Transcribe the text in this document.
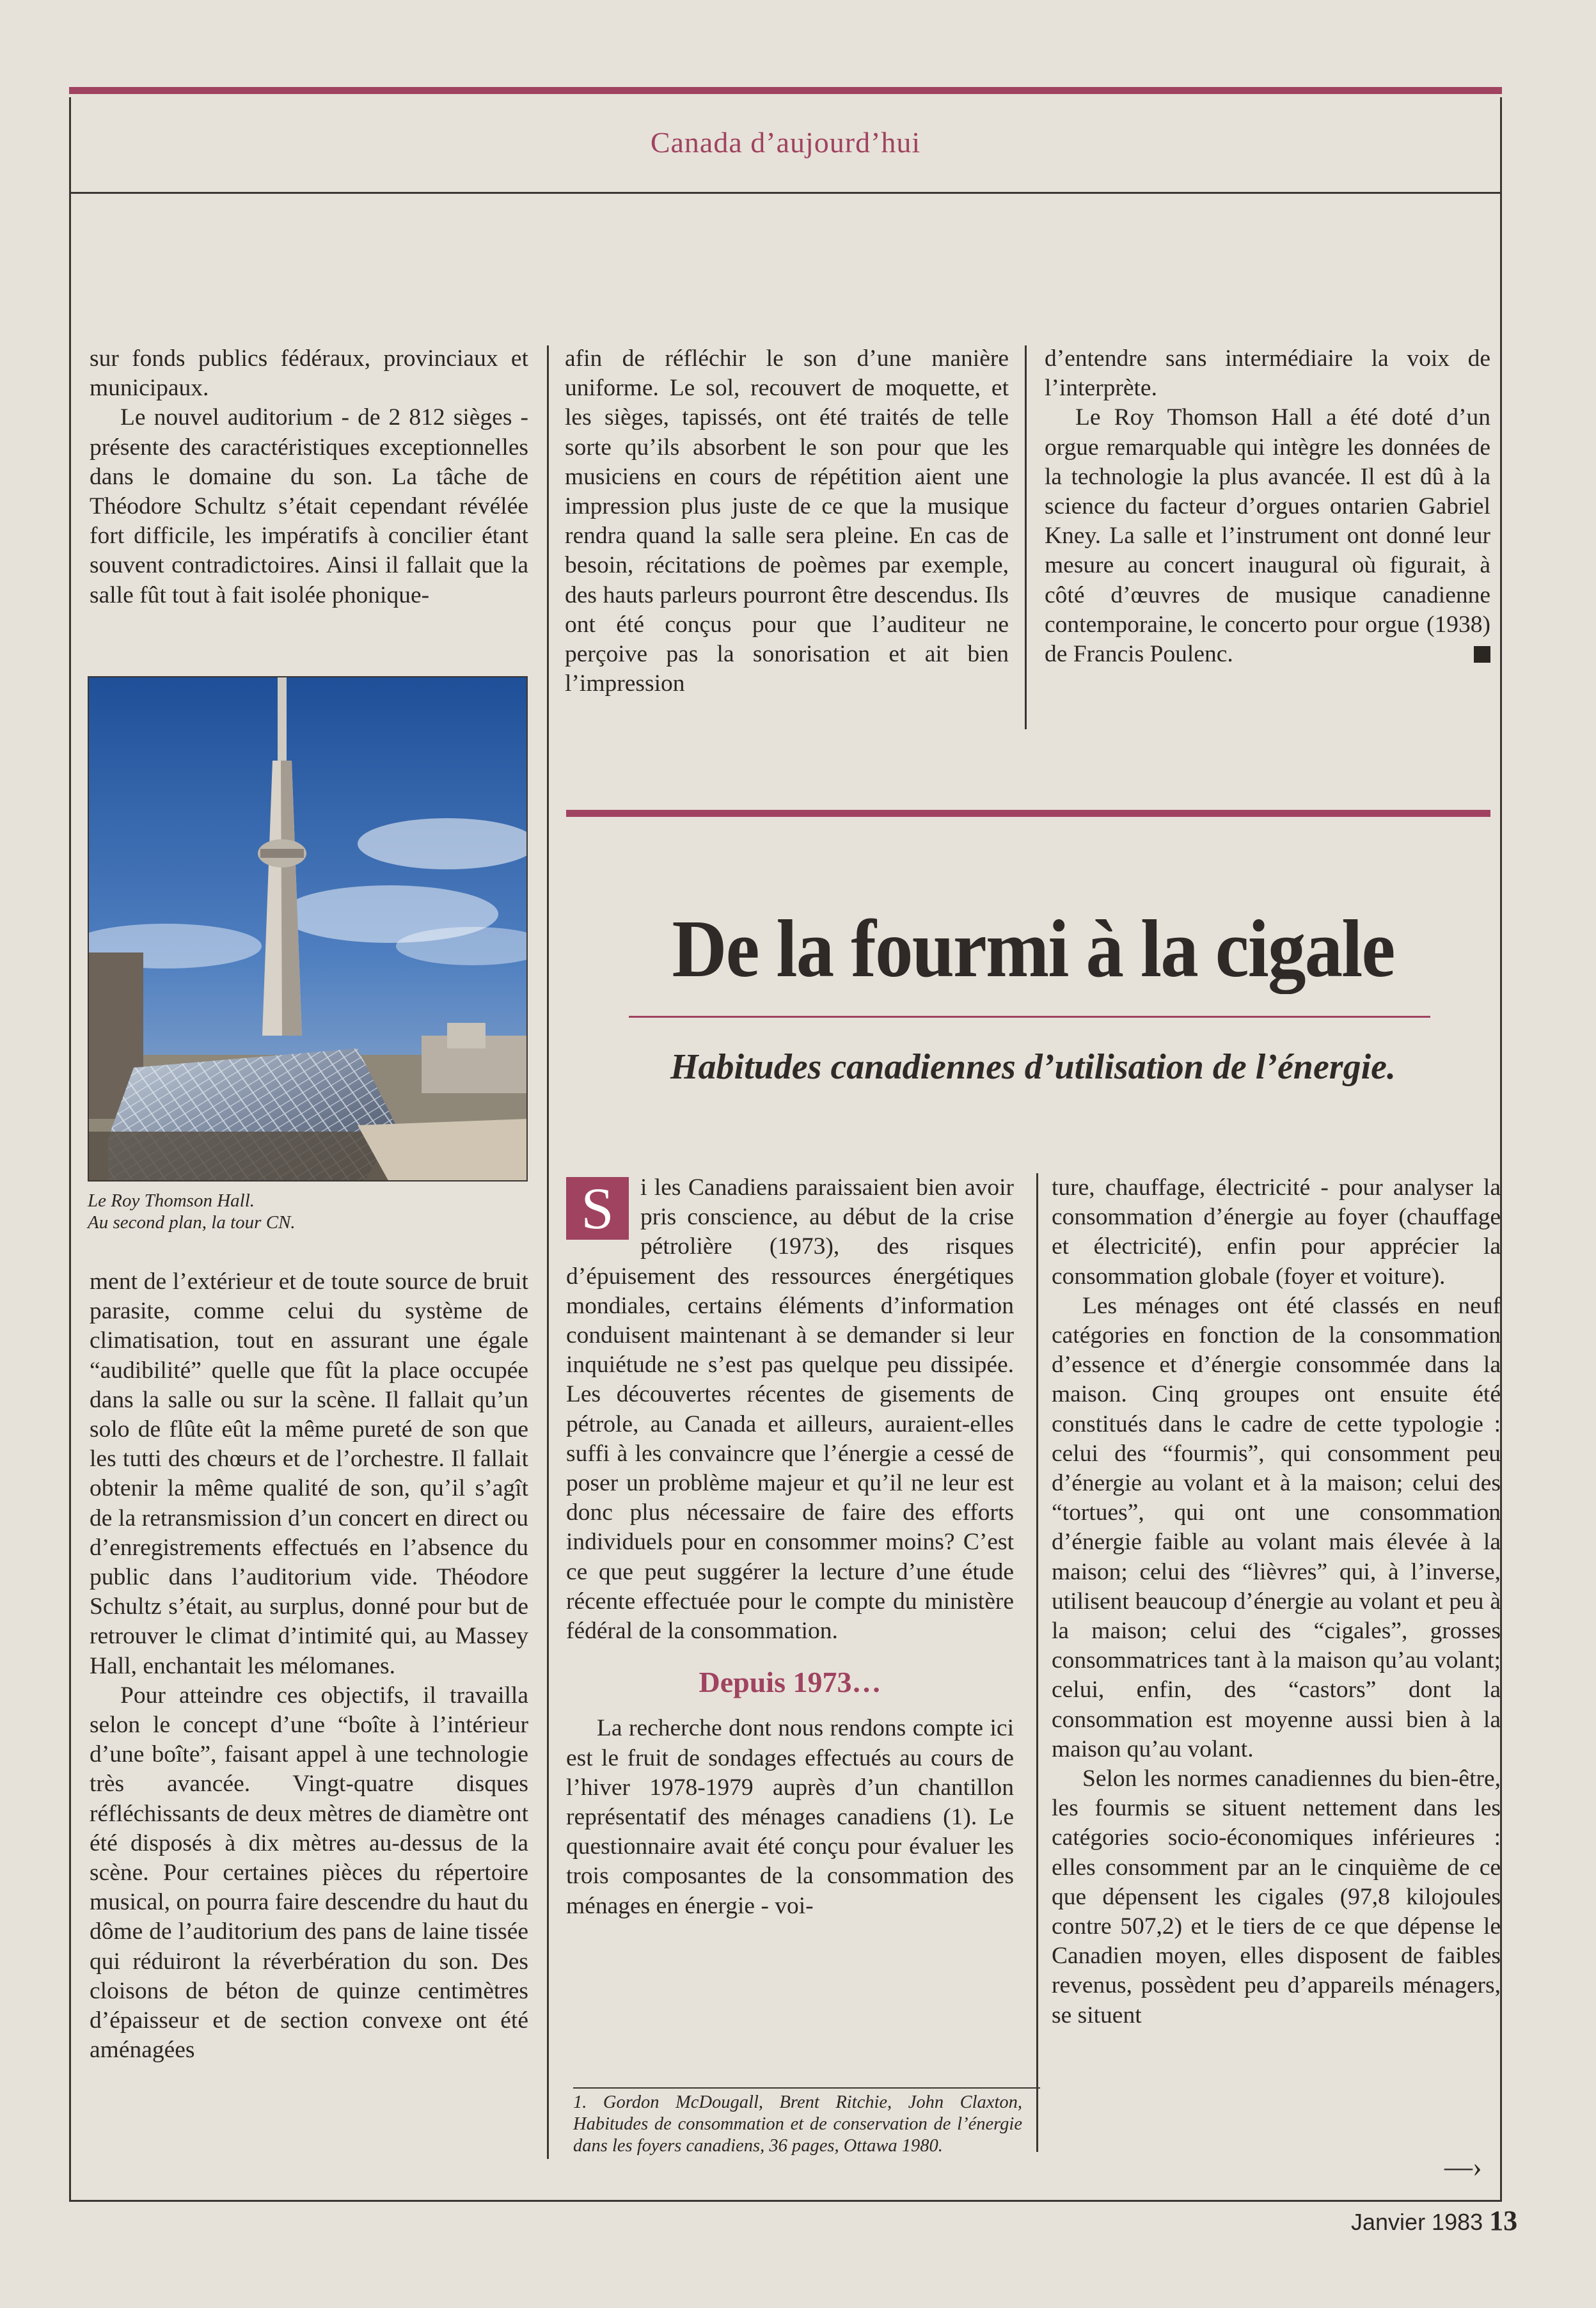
Canada d’aujourd’hui

sur fonds publics fédéraux, provinciaux et municipaux.

Le nouvel auditorium - de 2 812 sièges - présente des caractéristiques exceptionnelles dans le domaine du son. La tâche de Théodore Schultz s’était cependant révélée fort difficile, les impératifs à concilier étant souvent contradictoires. Ainsi il fallait que la salle fût tout à fait isolée phonique-

afin de réfléchir le son d’une manière uniforme. Le sol, recouvert de moquette, et les sièges, tapissés, ont été traités de telle sorte qu’ils absorbent le son pour que les musiciens en cours de répétition aient une impression plus juste de ce que la musique rendra quand la salle sera pleine. En cas de besoin, récitations de poèmes par exemple, des hauts parleurs pourront être descendus. Ils ont été conçus pour que l’auditeur ne perçoive pas la sonorisation et ait bien l’impression

d’entendre sans intermédiaire la voix de l’interprète.

Le Roy Thomson Hall a été doté d’un orgue remarquable qui intègre les données de la technologie la plus avancée. Il est dû à la science du facteur d’orgues ontarien Gabriel Kney. La salle et l’instrument ont donné leur mesure au concert inaugural où figurait, à côté d’œuvres de musique canadienne contemporaine, le concerto pour orgue (1938) de Francis Poulenc.

Le Roy Thomson Hall.
Au second plan, la tour CN.

ment de l’extérieur et de toute source de bruit parasite, comme celui du système de climatisation, tout en assurant une égale “audibilité” quelle que fût la place occupée dans la salle ou sur la scène. Il fallait qu’un solo de flûte eût la même pureté de son que les tutti des chœurs et de l’orchestre. Il fallait obtenir la même qualité de son, qu’il s’agît de la retransmission d’un concert en direct ou d’enregistrements effectués en l’absence du public dans l’auditorium vide. Théodore Schultz s’était, au surplus, donné pour but de retrouver le climat d’intimité qui, au Massey Hall, enchantait les mélomanes.

Pour atteindre ces objectifs, il travailla selon le concept d’une “boîte à l’intérieur d’une boîte”, faisant appel à une technologie très avancée. Vingt-quatre disques réfléchissants de deux mètres de diamètre ont été disposés à dix mètres au-dessus de la scène. Pour certaines pièces du répertoire musical, on pourra faire descendre du haut du dôme de l’auditorium des pans de laine tissée qui réduiront la réverbération du son. Des cloisons de béton de quinze centimètres d’épaisseur et de section convexe ont été aménagées

De la fourmi à la cigale
Habitudes canadiennes d’utilisation de l’énergie.

S	i les Canadiens paraissaient bien avoir pris conscience, au début de la crise pétrolière (1973), des risques d’épuisement des ressources énergétiques mondiales, certains éléments d’information conduisent maintenant à se demander si leur inquiétude ne s’est pas quelque peu dissipée. Les découvertes récentes de gisements de pétrole, au Canada et ailleurs, auraient-elles suffi à les convaincre que l’énergie a cessé de poser un problème majeur et qu’il ne leur est donc plus nécessaire de faire des efforts individuels pour en consommer moins? C’est ce que peut suggérer la lecture d’une étude récente effectuée pour le compte du ministère fédéral de la consommation.

Depuis 1973…

La recherche dont nous rendons compte ici est le fruit de sondages effectués au cours de l’hiver 1978-1979 auprès d’un chantillon représentatif des ménages canadiens (1). Le questionnaire avait été conçu pour évaluer les trois composantes de la consommation des ménages en énergie - voi-

1. Gordon McDougall, Brent Ritchie, John Claxton, Habitudes de consommation et de conservation de l’énergie dans les foyers canadiens, 36 pages, Ottawa 1980.

ture, chauffage, électricité - pour analyser la consommation d’énergie au foyer (chauffage et électricité), enfin pour apprécier la consommation globale (foyer et voiture).

Les ménages ont été classés en neuf catégories en fonction de la consommation d’essence et d’énergie consommée dans la maison. Cinq groupes ont ensuite été constitués dans le cadre de cette typologie : celui des “fourmis”, qui consomment peu d’énergie au volant et à la maison; celui des “tortues”, qui ont une consommation d’énergie faible au volant mais élevée à la maison; celui des “lièvres” qui, à l’inverse, utilisent beaucoup d’énergie au volant et peu à la maison; celui des “cigales”, grosses consommatrices tant à la maison qu’au volant; celui, enfin, des “castors” dont la consommation est moyenne aussi bien à la maison qu’au volant.

Selon les normes canadiennes du bien-être, les fourmis se situent nettement dans les catégories socio-économiques inférieures : elles consomment par an le cinquième de ce que dépensent les cigales (97,8 kilojoules contre 507,2) et le tiers de ce que dépense le Canadien moyen, elles disposent de faibles revenus, possèdent peu d’appareils ménagers, se situent

—›
Janvier 1983 13
